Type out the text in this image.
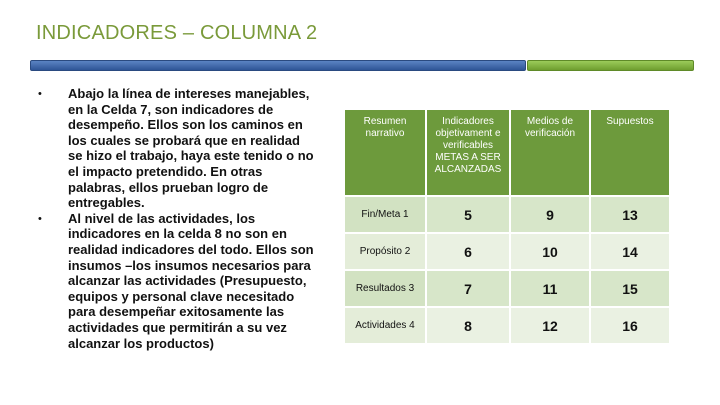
INDICADORES – COLUMNA 2
• Abajo la línea de intereses manejables, en la Celda 7, son indicadores de desempeño. Ellos son los caminos en los cuales se probará que en realidad se hizo el trabajo, haya este tenido o no el impacto pretendido. En otras palabras, ellos prueban logro de entregables.
• Al nivel de las actividades, los indicadores en la celda 8 no son en realidad indicadores del todo. Ellos son insumos –los insumos necesarios para alcanzar las actividades (Presupuesto, equipos y personal clave necesitado para desempeñar exitosamente las actividades que permitirán a su vez alcanzar los productos)
Resumen narrativo	Indicadores objetivament e verificables METAS A SER ALCANZADAS	Medios de verificación	Supuestos
Fin/Meta 1	5	9	13
Propósito 2	6	10	14
Resultados 3	7	11	15
Actividades 4	8	12	16
